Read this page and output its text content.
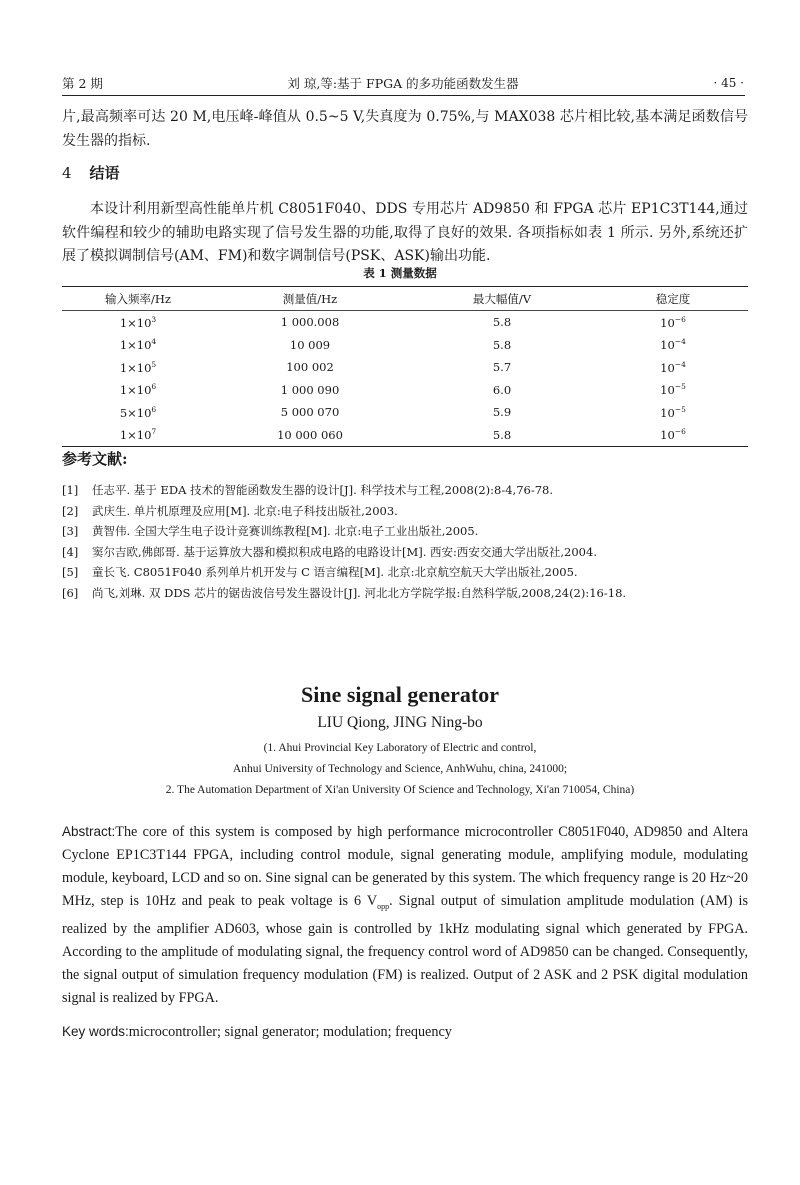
第 2 期	刘 琼,等:基于 FPGA 的多功能函数发生器	· 45 ·
片,最高频率可达 20 M,电压峰-峰值从 0.5~5 V,失真度为 0.75%,与 MAX038 芯片相比较,基本满足函数信号发生器的指标.
4 结语
本设计利用新型高性能单片机 C8051F040、DDS 专用芯片 AD9850 和 FPGA 芯片 EP1C3T144,通过软件编程和较少的辅助电路实现了信号发生器的功能,取得了良好的效果. 各项指标如表 1 所示. 另外,系统还扩展了模拟调制信号(AM、FM)和数字调制信号(PSK、ASK)输出功能.
表 1 测量数据
输入频率/Hz	测量值/Hz	最大幅值/V	稳定度
$1\times 10^3$	1 000.008	5.8	$10^{-6}$
$1\times 10^4$	10 009	5.8	$10^{-4}$
$1\times 10^5$	100 002	5.7	$10^{-4}$
$1\times 10^6$	1 000 090	6.0	$10^{-5}$
$5\times 10^6$	5 000 070	5.9	$10^{-5}$
$1\times 10^7$	10 000 060	5.8	$10^{-6}$
参考文献:
[1] 任志平. 基于 EDA 技术的智能函数发生器的设计[J]. 科学技术与工程,2008(2):8-4,76-78.
[2] 武庆生. 单片机原理及应用[M]. 北京:电子科技出版社,2003.
[3] 黄智伟. 全国大学生电子设计竞赛训练教程[M]. 北京:电子工业出版社,2005.
[4] 窦尔吉欧,佛郎哥. 基于运算放大器和模拟积成电路的电路设计[M]. 西安:西安交通大学出版社,2004.
[5] 童长飞. C8051F040 系列单片机开发与 C 语言编程[M]. 北京:北京航空航天大学出版社,2005.
[6] 尚飞,刘琳. 双 DDS 芯片的锯齿波信号发生器设计[J]. 河北北方学院学报:自然科学版,2008,24(2):16-18.
Sine signal generator
LIU Qiong, JING Ning-bo
(1. Ahui Provincial Key Laboratory of Electric and control,
Anhui University of Technology and Science, AnhWuhu, china, 241000;
2. The Automation Department of Xi'an University Of Science and Technology, Xi'an 710054, China)
Abstract:The core of this system is composed by high performance microcontroller C8051F040, AD9850 and Altera Cyclone EP1C3T144 FPGA, including control module, signal generating module, amplifying module, modulating module, keyboard, LCD and so on. Sine signal can be generated by this system. The which frequency range is 20 Hz~20 MHz, step is 10Hz and peak to peak voltage is 6 $V_{opp}$. Signal output of simulation amplitude modulation (AM) is realized by the amplifier AD603, whose gain is controlled by 1kHz modulating signal which generated by FPGA. According to the amplitude of modulating signal, the frequency control word of AD9850 can be changed. Consequently, the signal output of simulation frequency modulation (FM) is realized. Output of 2 ASK and 2 PSK digital modulation signal is realized by FPGA.
Key words:microcontroller; signal generator; modulation; frequency
